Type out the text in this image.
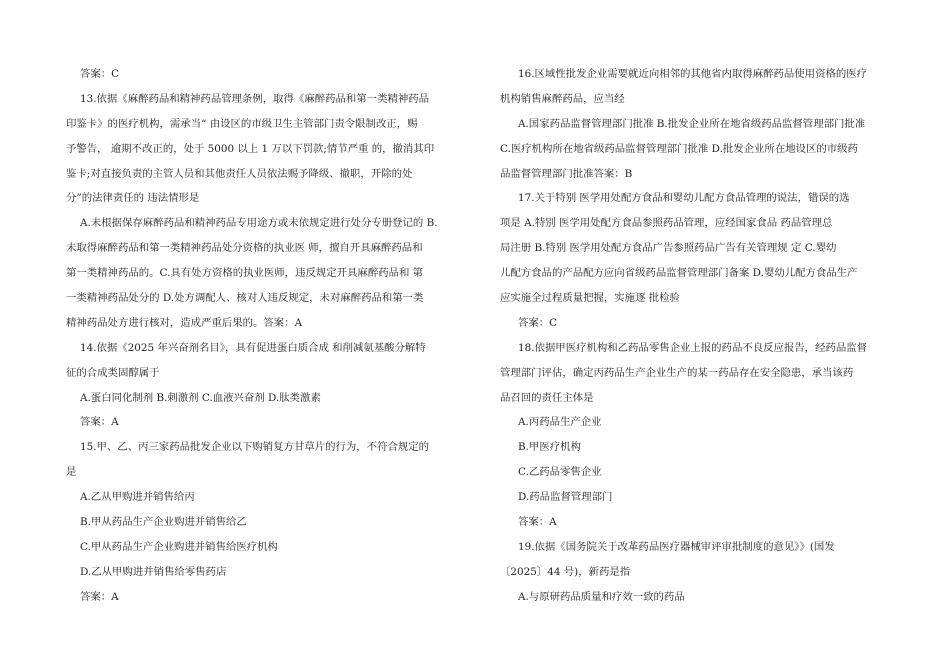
答案：C
13.依据《麻醉药品和精神药品管理条例，取得《麻醉药品和第一类精神药品
印鉴卡》的医疗机构，需承当“ 由设区的市级卫生主管部门责令限制改正，赐
予警告， 逾期不改正的，处于 5000 以上 1 万以下罚款;情节严重 的，撤消其印
鉴卡;对直接负责的主管人员和其他责任人员依法赐予降级、撤职，开除的处
分”的法律责任的 违法情形是
A.未根据保存麻醉药品和精神药品专用途方或未依规定进行处分专册登记的 B.
未取得麻醉药品和第一类精神药品处分资格的执业医 师，擅自开具麻醉药品和
第一类精神药品的。C.具有处方资格的执业医师，违反规定开具麻醉药品和 第
一类精神药品处分的 D.处方调配人、核对人违反规定，未对麻醉药品和第一类
精神药品处方进行核对，造成严重后果的。答案：A
14.依据《2025 年兴奋剂名目》，具有促进蛋白质合成 和削减氨基酸分解特
征的合成类固醇属于
A.蛋白同化制剂 B.刺激剂 C.血液兴奋剂 D.肽类激素
答案：A
15.甲、乙、丙三家药品批发企业以下购销复方甘草片的行为，不符合规定的
是
A.乙从甲购进并销售给丙
B.甲从药品生产企业购进并销售给乙
C.甲从药品生产企业购进并销售给医疗机构
D.乙从甲购进并销售给零售药店
答案：A
16.区域性批发企业需要就近向相邻的其他省内取得麻醉药品使用资格的医疗
机构销售麻醉药品，应当经
A.国家药品监督管理部门批准 B.批发企业所在地省级药品监督管理部门批准
C.医疗机构所在地省级药品监督管理部门批准 D.批发企业所在地设区的市级药
品监督管理部门批准答案：B
17.关于特别 医学用处配方食品和婴幼儿配方食品管理的说法，错误的选
项是 A.特别 医学用处配方食品参照药品管理，应经国家食品 药品管理总
局注册 B.特别 医学用处配方食品广告参照药品广告有关管理规 定 C.婴幼
儿配方食品的产品配方应向省级药品监督管理部门备案 D.婴幼儿配方食品生产
应实施全过程质量把握，实施逐 批检验
答案：C
18.依据甲医疗机构和乙药品零售企业上报的药品不良反应报告，经药品监督
管理部门评估，确定丙药品生产企业生产的某一药品存在安全隐患，承当该药
品召回的责任主体是
A.丙药品生产企业
B.甲医疗机构
C.乙药品零售企业
D.药品监督管理部门
答案：A
19.依据《国务院关于改革药品医疗器械审评审批制度的意见》》(国发
〔2025〕44 号)，新药是指
A.与原研药品质量和疗效一致的药品
